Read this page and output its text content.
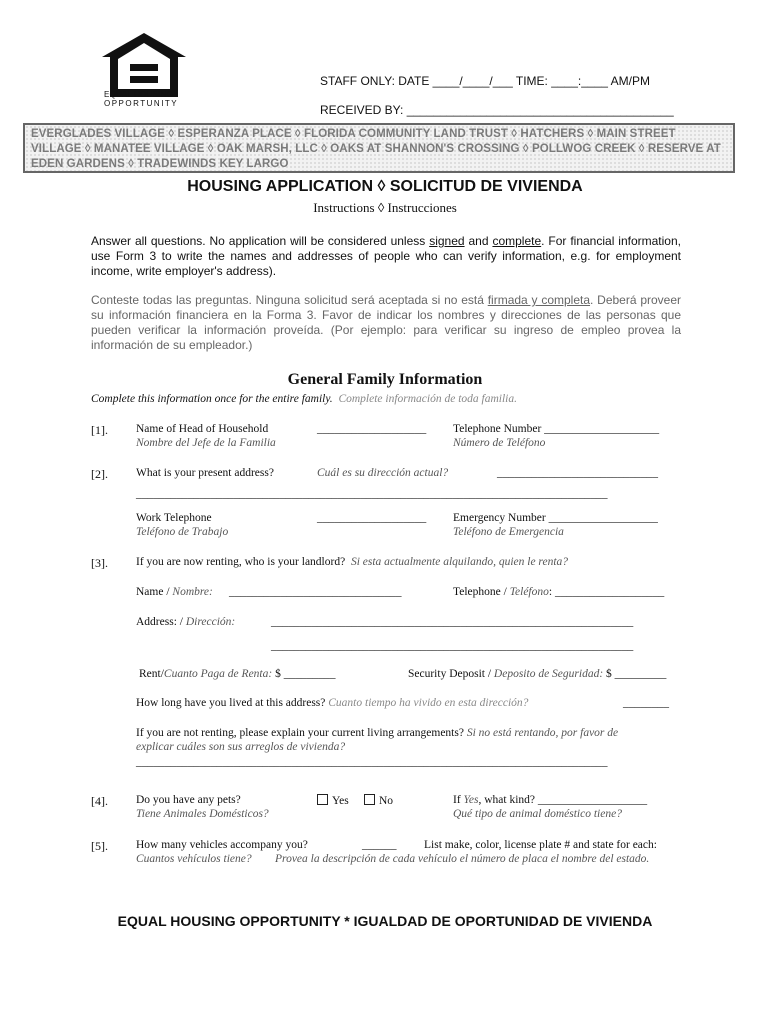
EQUAL HOUSING
OPPORTUNITY
STAFF ONLY: DATE ____/____/___ TIME: ____:____ AM/PM
RECEIVED BY: ________________________________________
EVERGLADES VILLAGE ◊ ESPERANZA PLACE ◊ FLORIDA COMMUNITY LAND TRUST ◊ HATCHERS ◊ MAIN STREET VILLAGE ◊ MANATEE VILLAGE ◊ OAK MARSH, LLC ◊ OAKS AT SHANNON'S CROSSING ◊ POLLWOG CREEK ◊ RESERVE AT EDEN GARDENS ◊ TRADEWINDS KEY LARGO
HOUSING APPLICATION ◊ SOLICITUD DE VIVIENDA
Instructions ◊ Instrucciones
Answer all questions. No application will be considered unless signed and complete. For financial information, use Form 3 to write the names and addresses of people who can verify information, e.g. for employment income, write employer's address).
Conteste todas las preguntas. Ninguna solicitud será aceptada si no está firmada y completa. Deberá proveer su información financiera en la Forma 3. Favor de indicar los nombres y direcciones de las personas que pueden verificar la información proveída. (Por ejemplo: para verificar su ingreso de empleo provea la información de su empleador.)
General Family Information
Complete this information once for the entire family. Complete información de toda familia.
[1]. Name of Head of Household
Nombre del Jefe de la Familia
___________________ Telephone Number ____________________
Número de Teléfono
[2]. What is your present address?	Cuál es su dirección actual?	____________________________
__________________________________________________________________________________
Work Telephone
Teléfono de Trabajo
___________________ Emergency Number ___________________
Teléfono de Emergencia
[3]. If you are now renting, who is your landlord? Si esta actualmente alquilando, quien le renta?
Name / Nombre: ______________________________	Telephone / Teléfono: ___________________
Address: / Dirección:	_______________________________________________________________
_______________________________________________________________
Rent/Cuanto Paga de Renta: $ _________	Security Deposit / Deposito de Seguridad: $ _________
How long have you lived at this address? Cuanto tiempo ha vivido en esta dirección?	________
If you are not renting, please explain your current living arrangements? Si no está rentando, por favor de
explicar cuáles son sus arreglos de vivienda?
__________________________________________________________________________________
[4]. Do you have any pets?
Tiene Animales Domésticos?
Yes	No	If Yes, what kind? ___________________
Qué tipo de animal doméstico tiene?
[5]. How many vehicles accompany you?	______ List make, color, license plate # and state for each:
Cuantos vehículos tiene? Provea la descripción de cada vehículo el número de placa el nombre del estado.
EQUAL HOUSING OPPORTUNITY * IGUALDAD DE OPORTUNIDAD DE VIVIENDA
